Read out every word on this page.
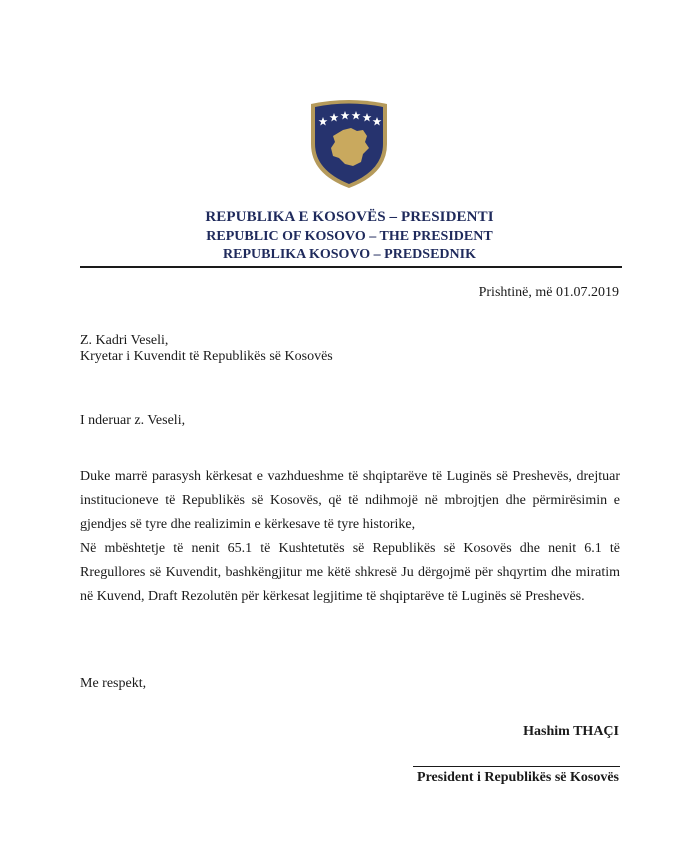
REPUBLIKA E KOSOVËS – PRESIDENTI
REPUBLIC OF KOSOVO – THE PRESIDENT
REPUBLIKA KOSOVO – PREDSEDNIK
Prishtinë, më 01.07.2019
Z. Kadri Veseli,
Kryetar i Kuvendit të Republikës së Kosovës
I nderuar z. Veseli,

Duke marrë parasysh kërkesat e vazhdueshme të shqiptarëve të Luginës së Preshevës, drejtuar institucioneve të Republikës së Kosovës, që të ndihmojë në mbrojtjen dhe përmirësimin e gjendjes së tyre dhe realizimin e kërkesave të tyre historike,

Në mbështetje të nenit 65.1 të Kushtetutës së Republikës së Kosovës dhe nenit 6.1 të Rregullores së Kuvendit, bashkëngjitur me këtë shkresë Ju dërgojmë për shqyrtim dhe miratim në Kuvend, Draft Rezolutën për kërkesat legjitime të shqiptarëve të Luginës së Preshevës.

Me respekt,
Hashim THAÇI
President i Republikës së Kosovës
